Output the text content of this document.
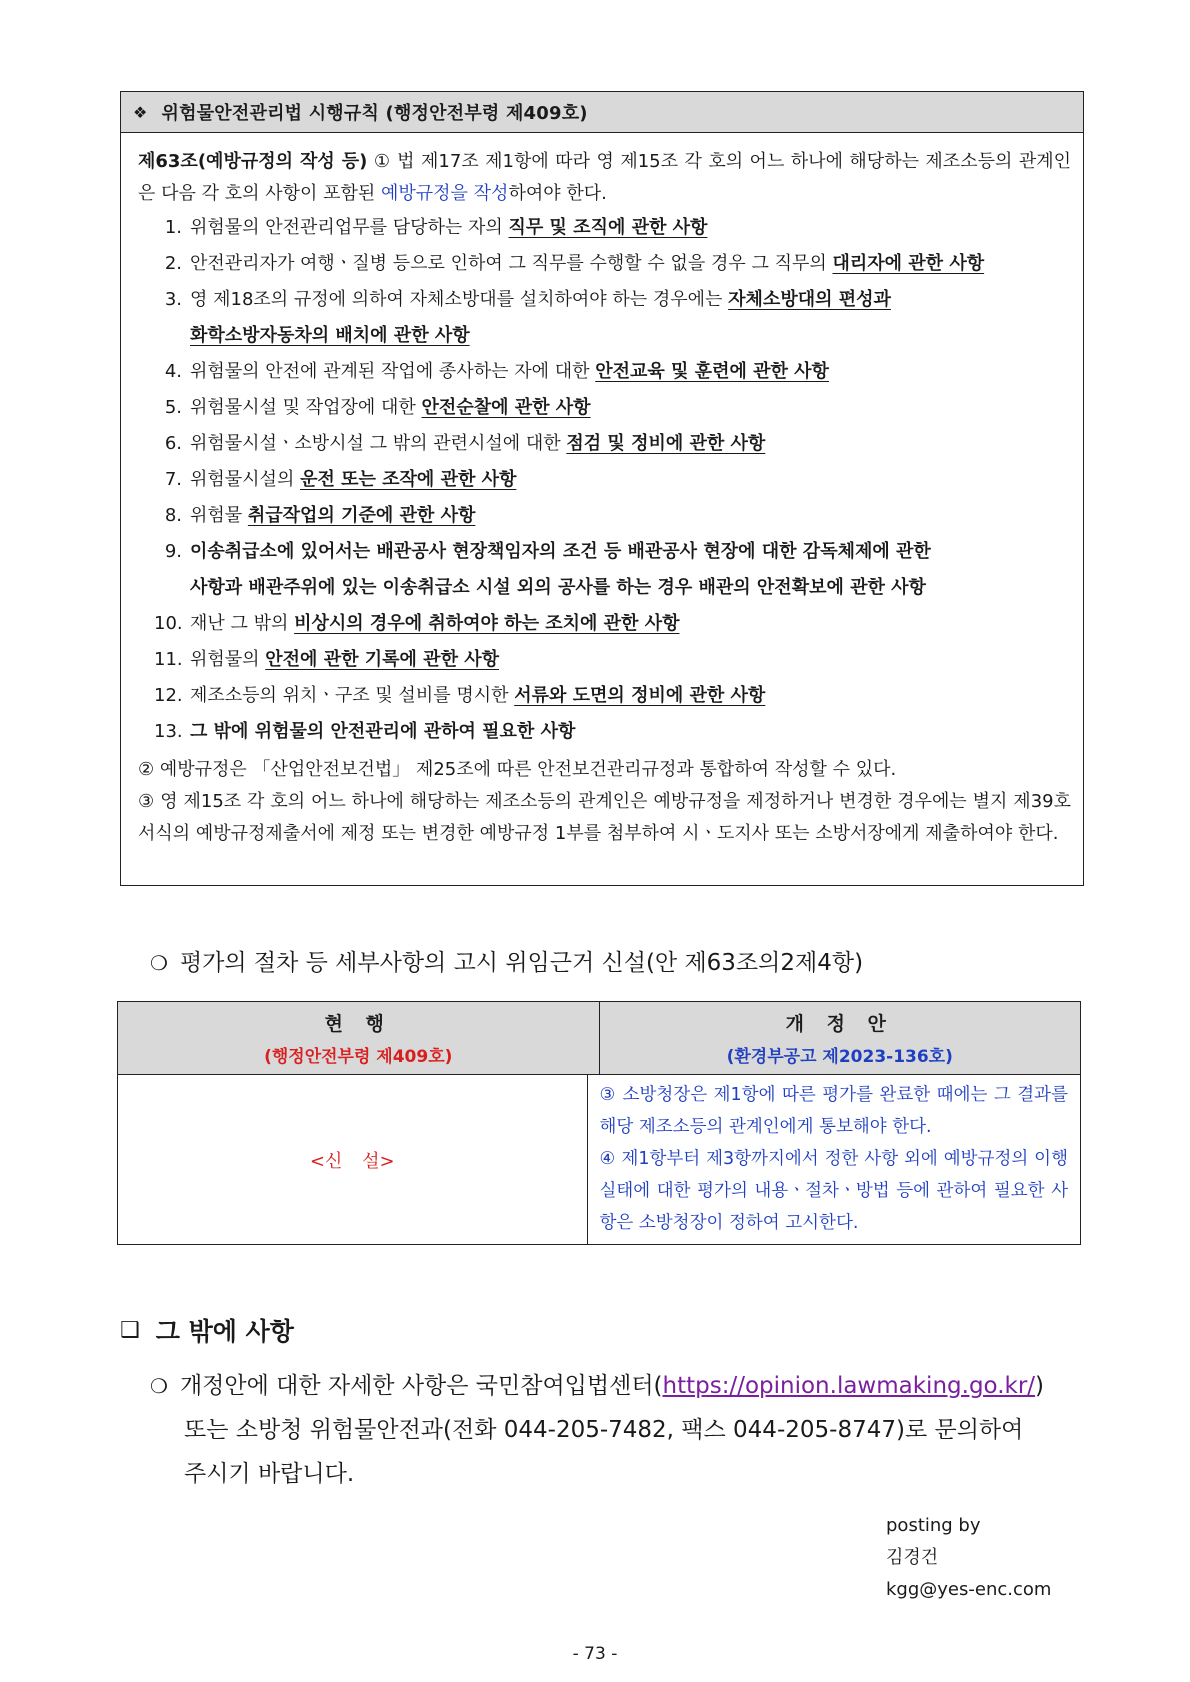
❖ 위험물안전관리법 시행규칙 (행정안전부령 제409호)
제63조(예방규정의 작성 등) ① 법 제17조 제1항에 따라 영 제15조 각 호의 어느 하나에 해당하는 제조소등의 관계인은 다음 각 호의 사항이 포함된 예방규정을 작성하여야 한다.
1. 위험물의 안전관리업무를 담당하는 자의 직무 및 조직에 관한 사항
2. 안전관리자가 여행ㆍ질병 등으로 인하여 그 직무를 수행할 수 없을 경우 그 직무의 대리자에 관한 사항
3. 영 제18조의 규정에 의하여 자체소방대를 설치하여야 하는 경우에는 자체소방대의 편성과
화학소방자동차의 배치에 관한 사항
4. 위험물의 안전에 관계된 작업에 종사하는 자에 대한 안전교육 및 훈련에 관한 사항
5. 위험물시설 및 작업장에 대한 안전순찰에 관한 사항
6. 위험물시설ㆍ소방시설 그 밖의 관련시설에 대한 점검 및 정비에 관한 사항
7. 위험물시설의 운전 또는 조작에 관한 사항
8. 위험물 취급작업의 기준에 관한 사항
9. 이송취급소에 있어서는 배관공사 현장책임자의 조건 등 배관공사 현장에 대한 감독체제에 관한
사항과 배관주위에 있는 이송취급소 시설 외의 공사를 하는 경우 배관의 안전확보에 관한 사항
10. 재난 그 밖의 비상시의 경우에 취하여야 하는 조치에 관한 사항
11. 위험물의 안전에 관한 기록에 관한 사항
12. 제조소등의 위치ㆍ구조 및 설비를 명시한 서류와 도면의 정비에 관한 사항
13. 그 밖에 위험물의 안전관리에 관하여 필요한 사항
② 예방규정은 「산업안전보건법」 제25조에 따른 안전보건관리규정과 통합하여 작성할 수 있다.
③ 영 제15조 각 호의 어느 하나에 해당하는 제조소등의 관계인은 예방규정을 제정하거나 변경한 경우에는 별지 제39호서식의 예방규정제출서에 제정 또는 변경한 예방규정 1부를 첨부하여 시ㆍ도지사 또는 소방서장에게 제출하여야 한다.
❍ 평가의 절차 등 세부사항의 고시 위임근거 신설(안 제63조의2제4항)
현 행
(행정안전부령 제409호)
개 정 안
(환경부공고 제2023-136호)
<신 설>
③ 소방청장은 제1항에 따른 평가를 완료한 때에는 그 결과를 해당 제조소등의 관계인에게 통보해야 한다.
④ 제1항부터 제3항까지에서 정한 사항 외에 예방규정의 이행실태에 대한 평가의 내용ㆍ절차ㆍ방법 등에 관하여 필요한 사항은 소방청장이 정하여 고시한다.
❑ 그 밖에 사항
❍ 개정안에 대한 자세한 사항은 국민참여입법센터(https://opinion.lawmaking.go.kr/)
또는 소방청 위험물안전과(전화 044-205-7482, 팩스 044-205-8747)로 문의하여
주시기 바랍니다.
posting by
김경건
kgg@yes-enc.com
- 73 -
